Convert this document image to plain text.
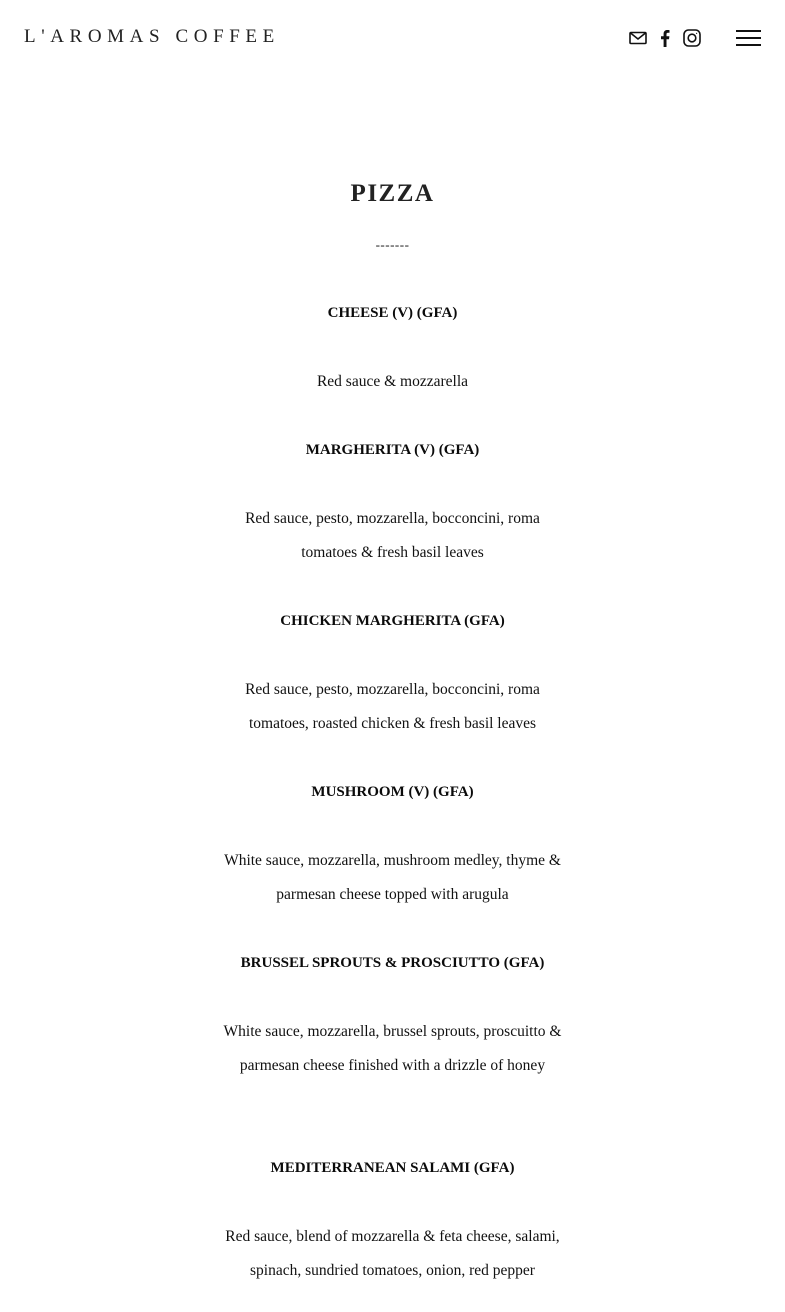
L'AROMAS COFFEE
PIZZA
-------
CHEESE (V) (GFA)
Red sauce & mozzarella
MARGHERITA (V) (GFA)
Red sauce, pesto, mozzarella, bocconcini, roma tomatoes & fresh basil leaves
CHICKEN MARGHERITA (GFA)
Red sauce, pesto, mozzarella, bocconcini, roma tomatoes, roasted chicken & fresh basil leaves
MUSHROOM (V) (GFA)
White sauce, mozzarella, mushroom medley, thyme & parmesan cheese topped with arugula
BRUSSEL SPROUTS & PROSCIUTTO (GFA)
White sauce, mozzarella, brussel sprouts, proscuitto & parmesan cheese finished with a drizzle of honey
MEDITERRANEAN SALAMI (GFA)
Red sauce, blend of mozzarella & feta cheese, salami, spinach, sundried tomatoes, onion, red pepper
